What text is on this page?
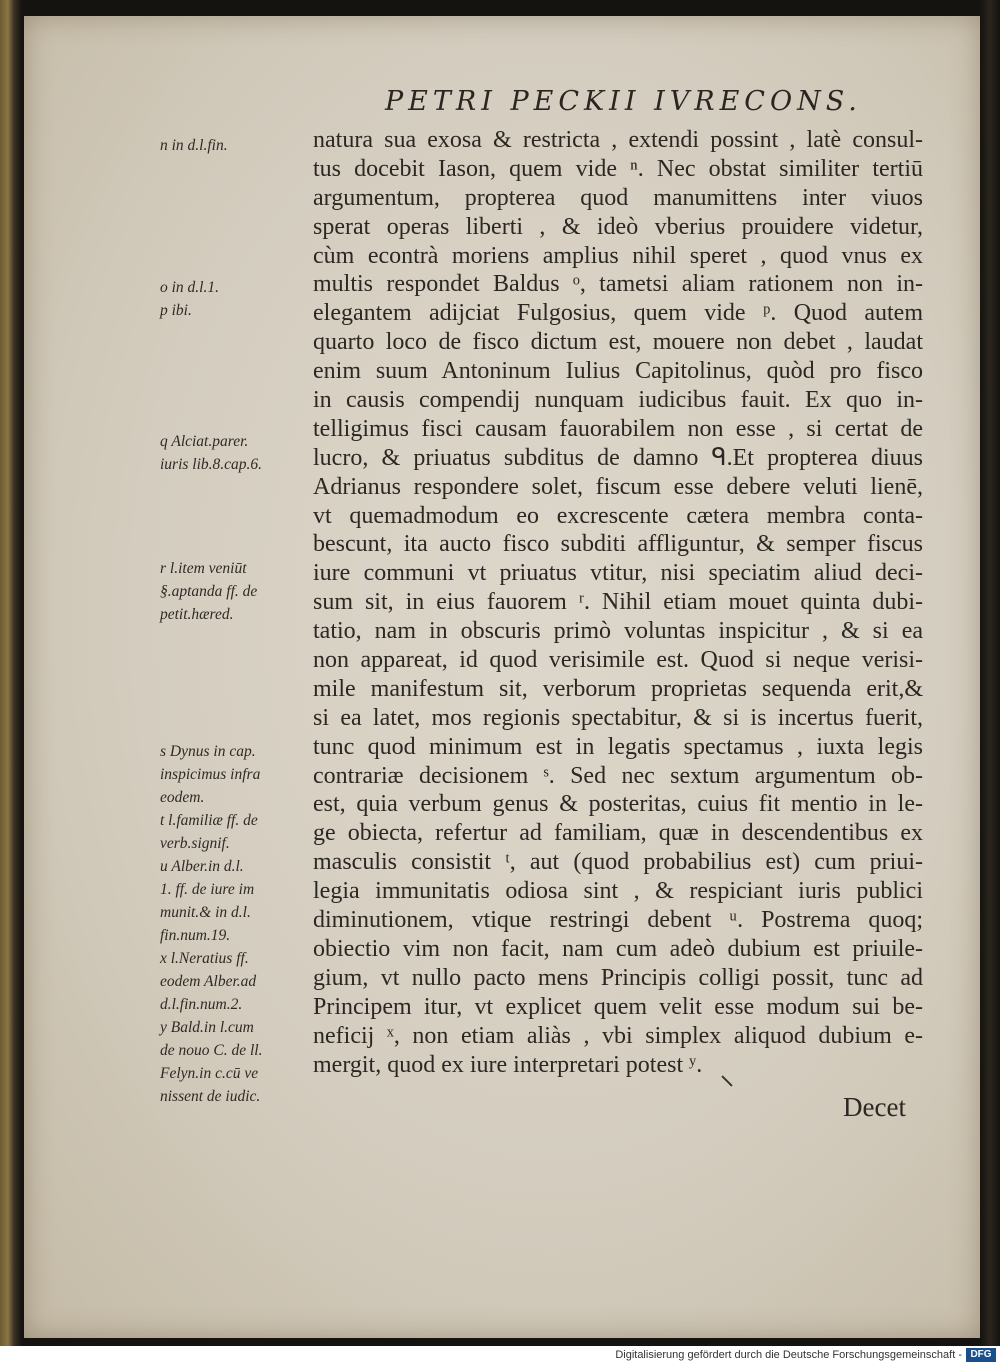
PETRI PECKII IVRECONS.
natura sua exosa & restricta , extendi possint , latè consul-
tus docebit Iason, quem vide ⁿ. Nec obstat similiter tertiū
argumentum, propterea quod manumittens inter viuos
sperat operas liberti , & ideò vberius prouidere videtur,
cùm econtrà moriens amplius nihil speret , quod vnus ex
multis respondet Baldus ᵒ, tametsi aliam rationem non in-
elegantem adijciat Fulgosius, quem vide ᵖ. Quod autem
quarto loco de fisco dictum est, mouere non debet , laudat
enim suum Antoninum Iulius Capitolinus, quòd pro fisco
in causis compendij nunquam iudicibus fauit. Ex quo in-
telligimus fisci causam fauorabilem non esse , si certat de
lucro, & priuatus subditus de damno ᑫ.Et propterea diuus
Adrianus respondere solet, fiscum esse debere veluti lienē,
vt quemadmodum eo excrescente cætera membra conta-
bescunt, ita aucto fisco subditi affliguntur, & semper fiscus
iure communi vt priuatus vtitur, nisi speciatim aliud deci-
sum sit, in eius fauorem ʳ. Nihil etiam mouet quinta dubi-
tatio, nam in obscuris primò voluntas inspicitur , & si ea
non appareat, id quod verisimile est. Quod si neque verisi-
mile manifestum sit, verborum proprietas sequenda erit,&
si ea latet, mos regionis spectabitur, & si is incertus fuerit,
tunc quod minimum est in legatis spectamus , iuxta legis
contrariæ decisionem ˢ. Sed nec sextum argumentum ob-
est, quia verbum genus & posteritas, cuius fit mentio in le-
ge obiecta, refertur ad familiam, quæ in descendentibus ex
masculis consistit ᵗ, aut (quod probabilius est) cum priui-
legia immunitatis odiosa sint , & respiciant iuris publici
diminutionem, vtique restringi debent ᵘ. Postrema quoq;
obiectio vim non facit, nam cum adeò dubium est priuile-
gium, vt nullo pacto mens Principis colligi possit, tunc ad
Principem itur, vt explicet quem velit esse modum sui be-
neficij ˣ, non etiam aliàs , vbi simplex aliquod dubium e-
mergit, quod ex iure interpretari potest ʸ.
n in d.l.fin.
o in d.l.1.
p ibi.
q Alciat.parer.
iuris lib.8.cap.6.
r l.item veniūt
§.aptanda ff. de
petit.hæred.
s Dynus in cap.
inspicimus infra
eodem.
t l.familiæ ff. de
verb.signif.
u Alber.in d.l.
1. ff. de iure im
munit.& in d.l.
fin.num.19.
x l.Neratius ff.
eodem Alber.ad
d.l.fin.num.2.
y Bald.in l.cum
de nouo C. de ll.
Felyn.in c.cū ve
nissent de iudic.	Decet
Digitalisierung gefördert durch die Deutsche Forschungsgemeinschaft - DFG
